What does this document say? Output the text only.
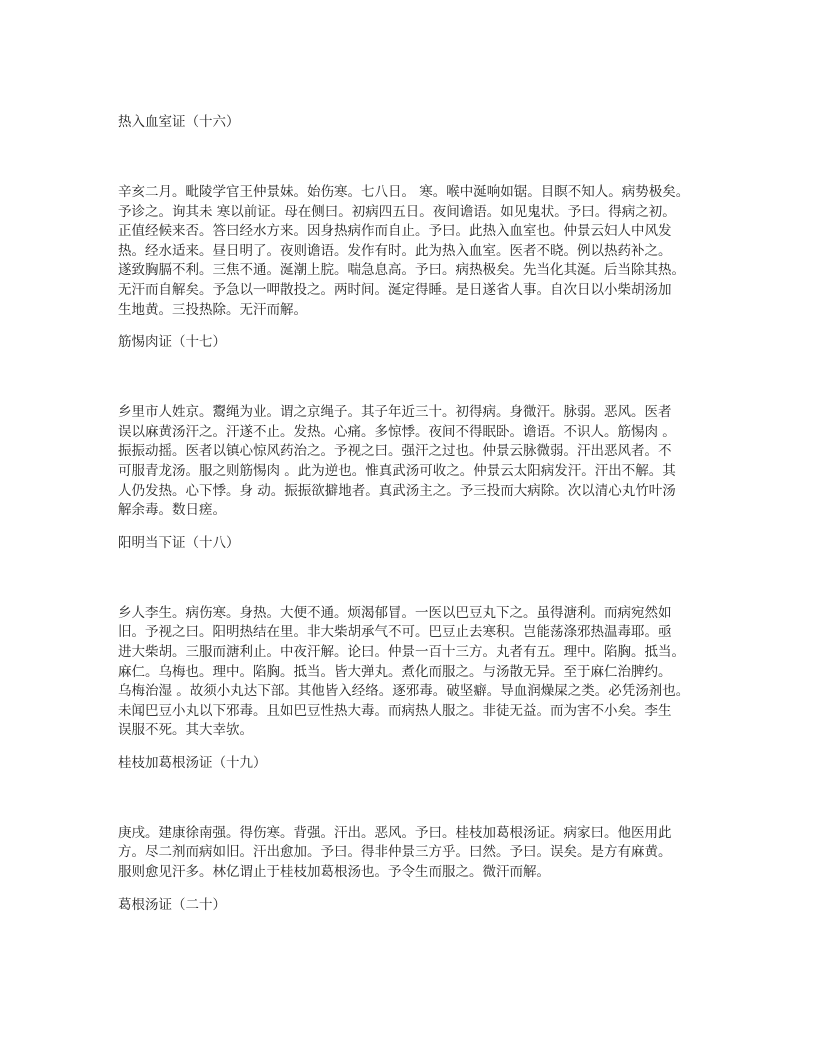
热入血室证（十六）
辛亥二月。毗陵学官王仲景妹。始伤寒。七八日。 寒。喉中涎响如锯。目瞑不知人。病势极矣。
予诊之。询其未 寒以前证。母在侧曰。初病四五日。夜间谵语。如见鬼状。予曰。得病之初。
正值经候来否。答曰经水方来。因身热病作而自止。予曰。此热入血室也。仲景云妇人中风发
热。经水适来。昼日明了。夜则谵语。发作有时。此为热入血室。医者不晓。例以热药补之。
遂致胸膈不利。三焦不通。涎潮上脘。喘急息高。予曰。病热极矣。先当化其涎。后当除其热。
无汗而自解矣。予急以一呷散投之。两时间。涎定得睡。是日遂省人事。自次日以小柴胡汤加
生地黄。三投热除。无汗而解。
筋惕肉证（十七）
乡里市人姓京。鬻绳为业。谓之京绳子。其子年近三十。初得病。身微汗。脉弱。恶风。医者
误以麻黄汤汗之。汗遂不止。发热。心痛。多惊悸。夜间不得眠卧。谵语。不识人。筋惕肉 。
振振动摇。医者以镇心惊风药治之。予视之曰。强汗之过也。仲景云脉微弱。汗出恶风者。不
可服青龙汤。服之则筋惕肉 。此为逆也。惟真武汤可收之。仲景云太阳病发汗。汗出不解。其
人仍发热。心下悸。身 动。振振欲擗地者。真武汤主之。予三投而大病除。次以清心丸竹叶汤
解余毒。数日瘥。
阳明当下证（十八）
乡人李生。病伤寒。身热。大便不通。烦渴郁冒。一医以巴豆丸下之。虽得溏利。而病宛然如
旧。予视之曰。阳明热结在里。非大柴胡承气不可。巴豆止去寒积。岂能荡涤邪热温毒耶。亟
进大柴胡。三服而溏利止。中夜汗解。论曰。仲景一百十三方。丸者有五。理中。陷胸。抵当。
麻仁。乌梅也。理中。陷胸。抵当。皆大弹丸。煮化而服之。与汤散无异。至于麻仁治脾约。
乌梅治湿 。故须小丸达下部。其他皆入经络。逐邪毒。破坚癖。导血润燥屎之类。必凭汤剂也。
未闻巴豆小丸以下邪毒。且如巴豆性热大毒。而病热人服之。非徒无益。而为害不小矣。李生
误服不死。其大幸欤。
桂枝加葛根汤证（十九）
庚戌。建康徐南强。得伤寒。背强。汗出。恶风。予曰。桂枝加葛根汤证。病家曰。他医用此
方。尽二剂而病如旧。汗出愈加。予曰。得非仲景三方乎。曰然。予曰。误矣。是方有麻黄。
服则愈见汗多。林亿谓止于桂枝加葛根汤也。予令生而服之。微汗而解。
葛根汤证（二十）
